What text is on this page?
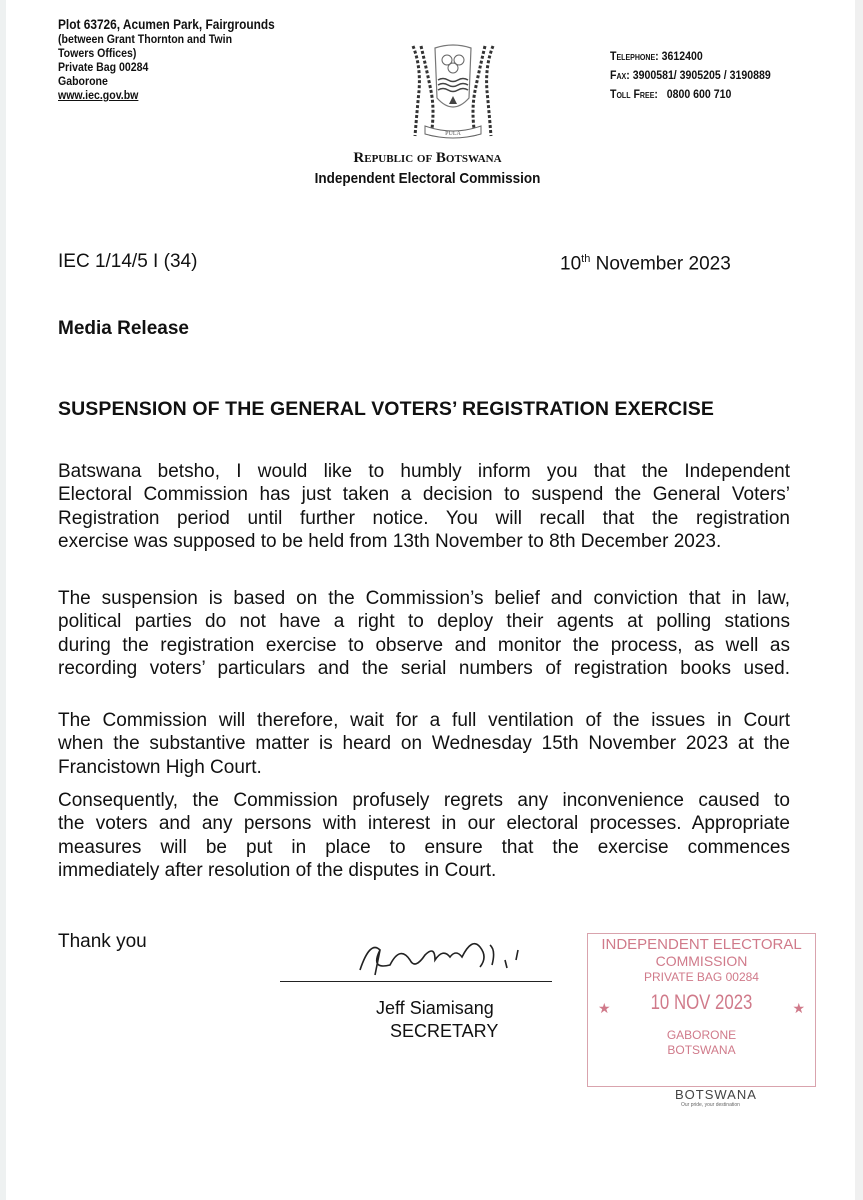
Plot 63726, Acumen Park, Fairgrounds
(between Grant Thornton and Twin
Towers Offices)
Private Bag 00284
Gaborone
www.iec.gov.bw
PULA
Telephone: 3612400
Fax: 3900581/ 3905205 / 3190889
Toll Free: 0800 600 710
Republic of Botswana
Independent Electoral Commission
IEC 1/14/5 I (34)	10th November 2023
Media Release
SUSPENSION OF THE GENERAL VOTERS’ REGISTRATION EXERCISE
Batswana betsho, I would like to humbly inform you that the Independent
Electoral Commission has just taken a decision to suspend the General Voters’
Registration period until further notice. You will recall that the registration
exercise was supposed to be held from 13th November to 8th December 2023.
The suspension is based on the Commission’s belief and conviction that in law,
political parties do not have a right to deploy their agents at polling stations
during the registration exercise to observe and monitor the process, as well as
recording voters’ particulars and the serial numbers of registration books used.
The Commission will therefore, wait for a full ventilation of the issues in Court
when the substantive matter is heard on Wednesday 15th November 2023 at the
Francistown High Court.
Consequently, the Commission profusely regrets any inconvenience caused to
the voters and any persons with interest in our electoral processes. Appropriate
measures will be put in place to ensure that the exercise commences
immediately after resolution of the disputes in Court.
Thank you
Jeff Siamisang
SECRETARY
INDEPENDENT ELECTORAL
COMMISSION
PRIVATE BAG 00284
★	★
10 NOV 2023
GABORONE
BOTSWANA
BOTSWANA
Our pride, your destination
